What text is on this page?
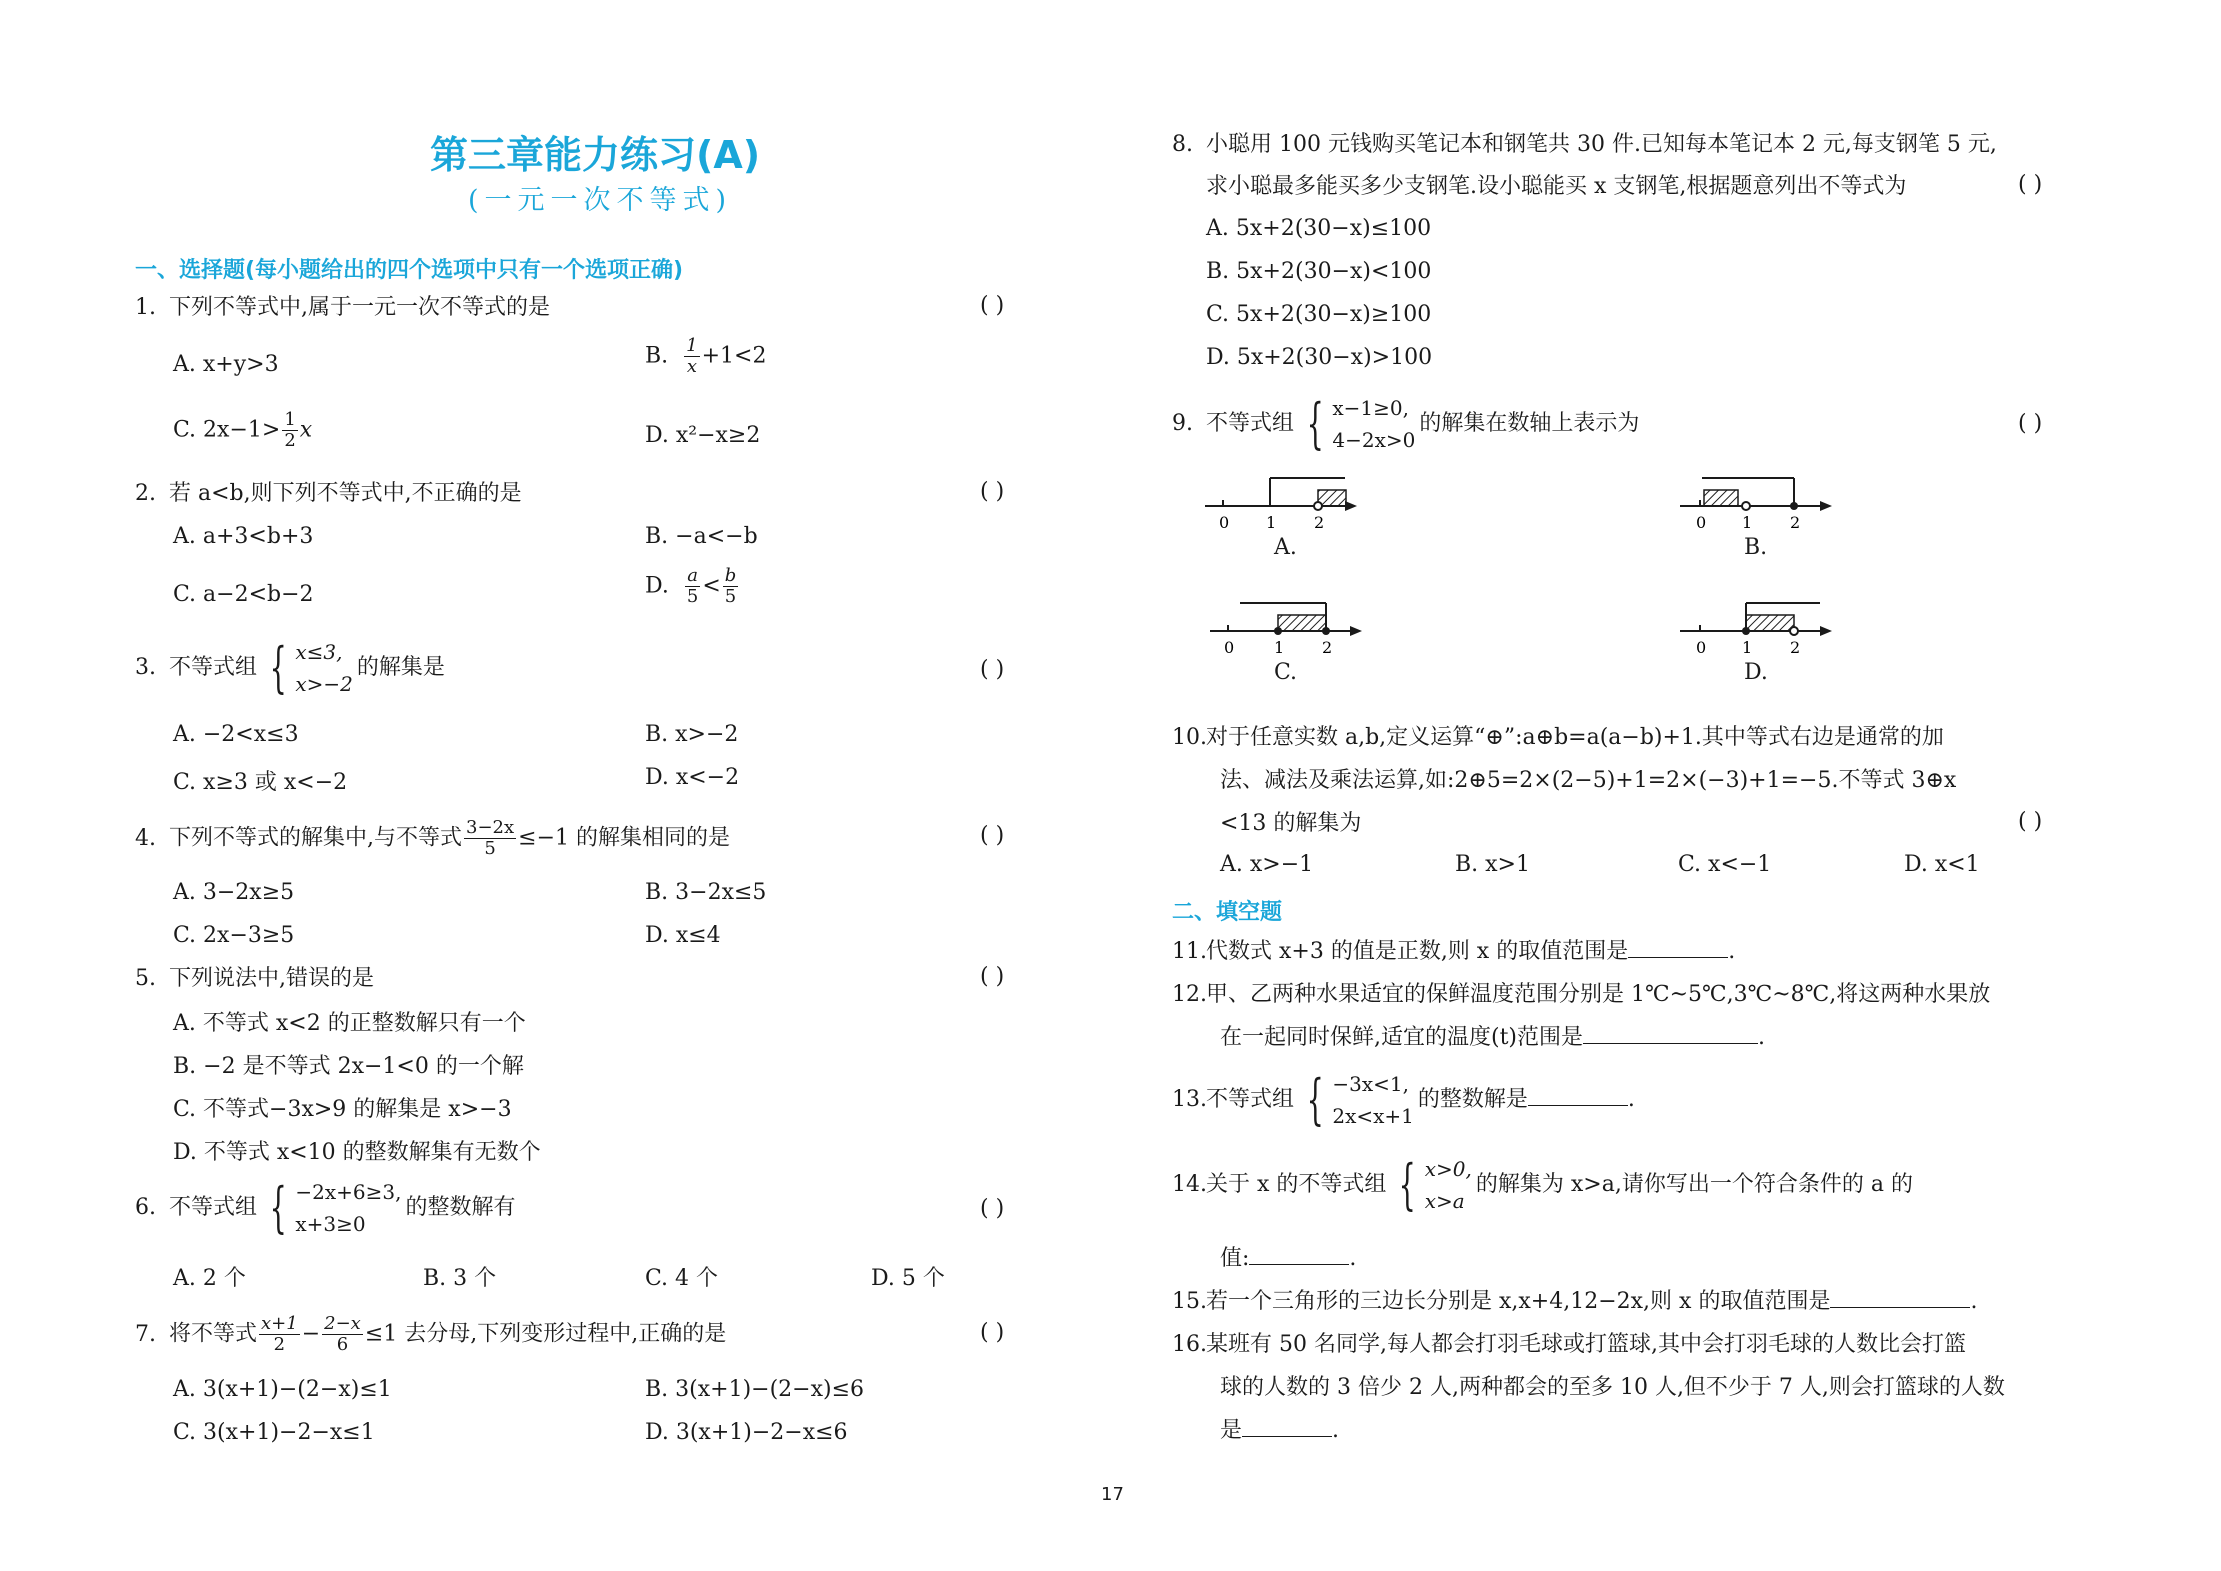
第三章能力练习(A)
(一元一次不等式)
一、选择题(每小题给出的四个选项中只有一个选项正确)
1. 下列不等式中,属于一元一次不等式的是	( )
A. x+y>3	B. $\frac{1}{x} +1<2$
C. $2x-1> \frac{1}{2}$ x	D. x²−x≥2
2. 若 a<b,则下列不等式中,不正确的是	( )
A. a+3<b+3	B. −a<−b
C. a−2<b−2	D. $\frac{a}{5} < \frac{b}{5}$
3. 不等式组 { x≤3,
x>−2
的解集是	( )
A. −2<x≤3	B. x>−2
C. x≥3 或 x<−2	D. x<−2
4. 下列不等式的解集中,与不等式 $\frac{3-2x}{5} \le-1$ 的解集相同的是	( )
A. 3−2x≥5	B. 3−2x≤5
C. 2x−3≥5	D. x≤4
5. 下列说法中,错误的是	( )
A. 不等式 x<2 的正整数解只有一个
B. −2 是不等式 2x−1<0 的一个解
C. 不等式−3x>9 的解集是 x>−3
D. 不等式 x<10 的整数解集有无数个
6. 不等式组 { −2x+6≥3,
x+3≥0
的整数解有	( )
A. 2 个	B. 3 个	C. 4 个	D. 5 个
7. 将不等式 $\frac{x+1}{2} - \frac{2-x}{6} \le 1$ 去分母,下列变形过程中,正确的是	( )
A. 3(x+1)−(2−x)≤1	B. 3(x+1)−(2−x)≤6
C. 3(x+1)−2−x≤1	D. 3(x+1)−2−x≤6
8. 小聪用 100 元钱购买笔记本和钢笔共 30 件.已知每本笔记本 2 元,每支钢笔 5 元,
求小聪最多能买多少支钢笔.设小聪能买 x 支钢笔,根据题意列出不等式为	( )
A. 5x+2(30−x)≤100
B. 5x+2(30−x)<100
C. 5x+2(30−x)≥100
D. 5x+2(30−x)>100
9. 不等式组 { x−1≥0,
4−2x>0
的解集在数轴上表示为	( )
0 1 2
A.
0 1 2
B.
0 1 2
C.
0 1 2
D.
10.对于任意实数 a,b,定义运算“⊕”:a⊕b=a(a−b)+1.其中等式右边是通常的加
法、减法及乘法运算,如:2⊕5=2×(2−5)+1=2×(−3)+1=−5.不等式 3⊕x
<13 的解集为	( )
A. x>−1	B. x>1	C. x<−1	D. x<1
二、填空题
11.代数式 x+3 的值是正数,则 x 的取值范围是	.
12.甲、乙两种水果适宜的保鲜温度范围分别是 1℃~5℃,3℃~8℃,将这两种水果放
在一起同时保鲜,适宜的温度(t)范围是	.
13.不等式组 { −3x<1,
2x<x+1
的整数解是	.
14.关于 x 的不等式组 { x>0,
x>a
的解集为 x>a,请你写出一个符合条件的 a 的
值:	.
15.若一个三角形的三边长分别是 x,x+4,12−2x,则 x 的取值范围是	.
16.某班有 50 名同学,每人都会打羽毛球或打篮球,其中会打羽毛球的人数比会打篮
球的人数的 3 倍少 2 人,两种都会的至多 10 人,但不少于 7 人,则会打篮球的人数
是	.
17
